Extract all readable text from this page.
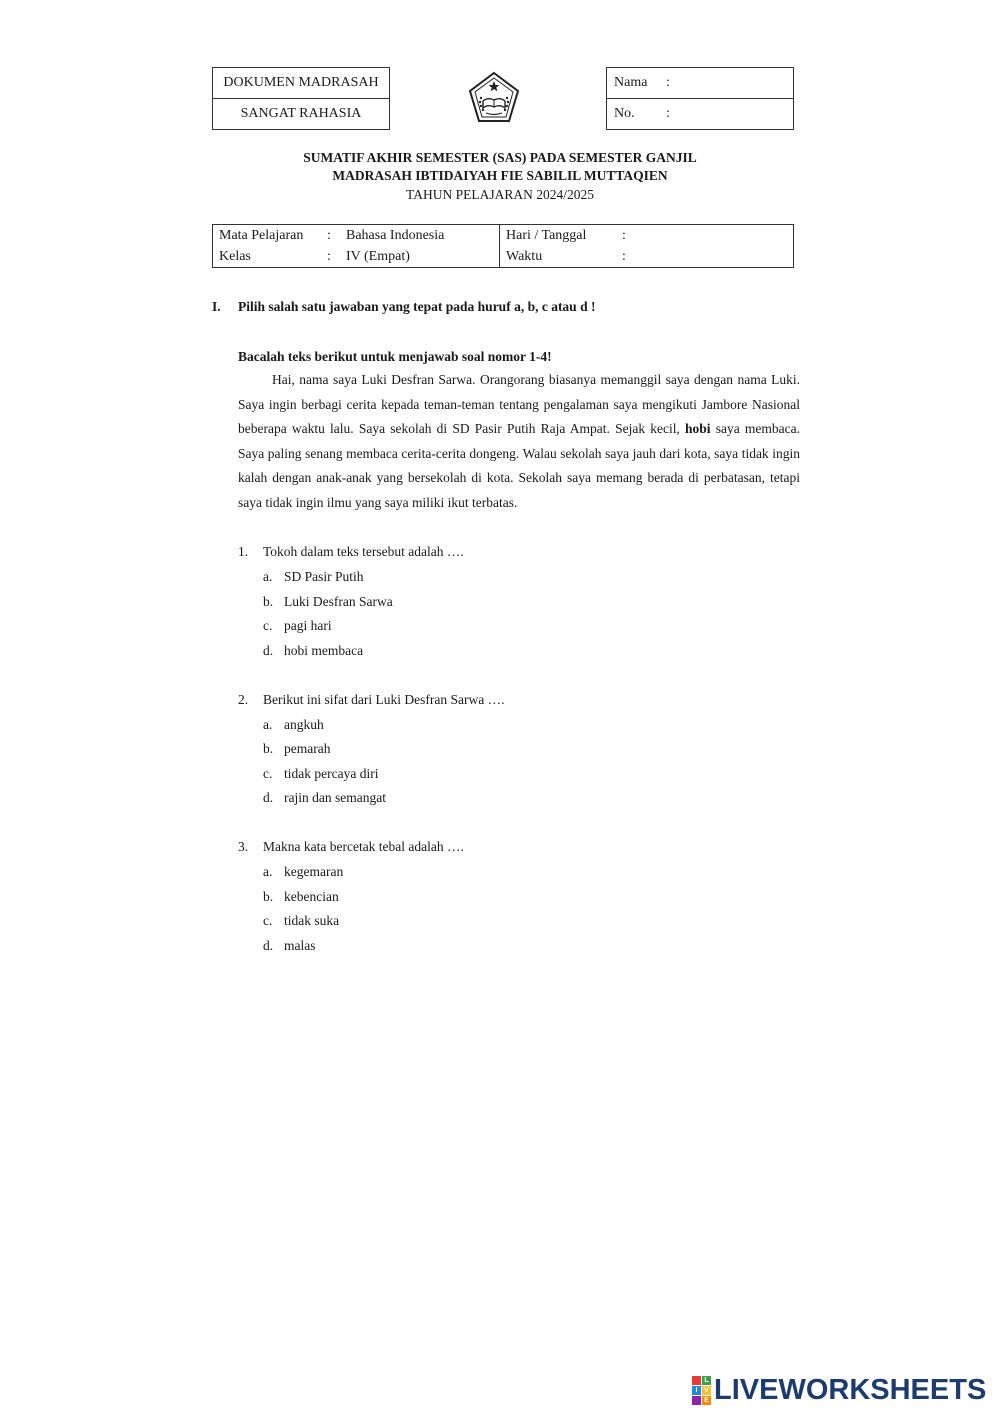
DOKUMEN MADRASAH
SANGAT RAHASIA
Nama	:
No.	:
SUMATIF AKHIR SEMESTER (SAS) PADA SEMESTER GANJIL
MADRASAH IBTIDAIYAH FIE SABILIL MUTTAQIEN
TAHUN PELAJARAN 2024/2025
Mata Pelajaran : Bahasa Indonesia	Hari / Tanggal :
Kelas : IV (Empat)	Waktu :
I. Pilih salah satu jawaban yang tepat pada huruf a, b, c atau d !
Bacalah teks berikut untuk menjawab soal nomor 1-4!

Hai, nama saya Luki Desfran Sarwa. Orangorang biasanya memanggil saya dengan nama Luki. Saya ingin berbagi cerita kepada teman-teman tentang pengalaman saya mengikuti Jambore Nasional beberapa waktu lalu. Saya sekolah di SD Pasir Putih Raja Ampat. Sejak kecil, hobi saya membaca. Saya paling senang membaca cerita-cerita dongeng. Walau sekolah saya jauh dari kota, saya tidak ingin kalah dengan anak-anak yang bersekolah di kota. Sekolah saya memang berada di perbatasan, tetapi saya tidak ingin ilmu yang saya miliki ikut terbatas.

1. Tokoh dalam teks tersebut adalah ….
a. SD Pasir Putih
b. Luki Desfran Sarwa
c. pagi hari
d. hobi membaca
2. Berikut ini sifat dari Luki Desfran Sarwa ….
a. angkuh
b. pemarah
c. tidak percaya diri
d. rajin dan semangat
3. Makna kata bercetak tebal adalah ….
a. kegemaran
b. kebencian
c. tidak suka
d. malas
L
I V
E LIVEWORKSHEETS
